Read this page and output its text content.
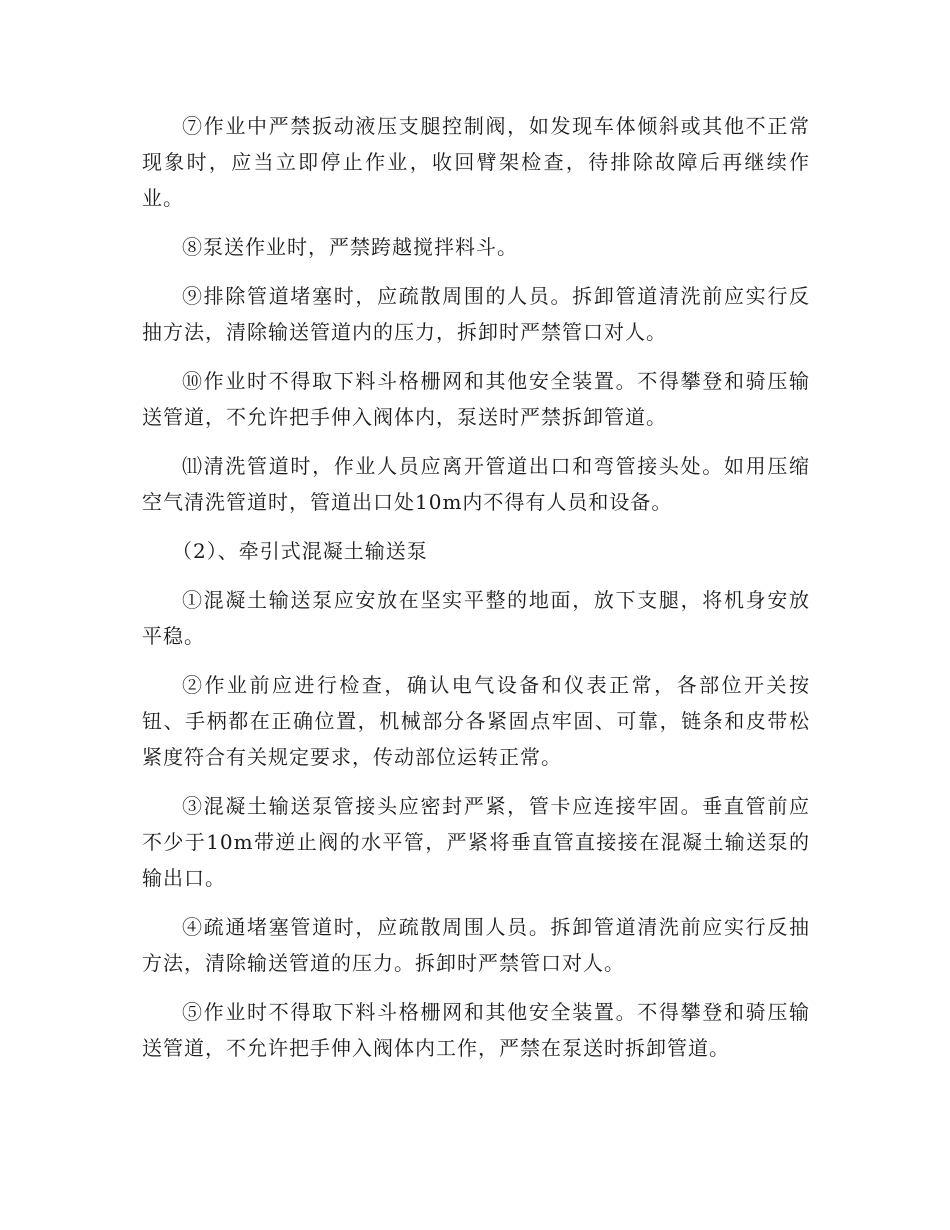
⑦作业中严禁扳动液压支腿控制阀，如发现车体倾斜或其他不正常现象时，应当立即停止作业，收回臂架检查，待排除故障后再继续作业。

⑧泵送作业时，严禁跨越搅拌料斗。

⑨排除管道堵塞时，应疏散周围的人员。拆卸管道清洗前应实行反抽方法，清除输送管道内的压力，拆卸时严禁管口对人。

⑩作业时不得取下料斗格栅网和其他安全装置。不得攀登和骑压输送管道，不允许把手伸入阀体内，泵送时严禁拆卸管道。

⑾清洗管道时，作业人员应离开管道出口和弯管接头处。如用压缩空气清洗管道时，管道出口处10m内不得有人员和设备。

（2）、牵引式混凝土输送泵

①混凝土输送泵应安放在坚实平整的地面，放下支腿，将机身安放平稳。

②作业前应进行检查，确认电气设备和仪表正常，各部位开关按钮、手柄都在正确位置，机械部分各紧固点牢固、可靠，链条和皮带松紧度符合有关规定要求，传动部位运转正常。

③混凝土输送泵管接头应密封严紧，管卡应连接牢固。垂直管前应不少于10m带逆止阀的水平管，严紧将垂直管直接接在混凝土输送泵的输出口。

④疏通堵塞管道时，应疏散周围人员。拆卸管道清洗前应实行反抽方法，清除输送管道的压力。拆卸时严禁管口对人。

⑤作业时不得取下料斗格栅网和其他安全装置。不得攀登和骑压输送管道，不允许把手伸入阀体内工作，严禁在泵送时拆卸管道。
